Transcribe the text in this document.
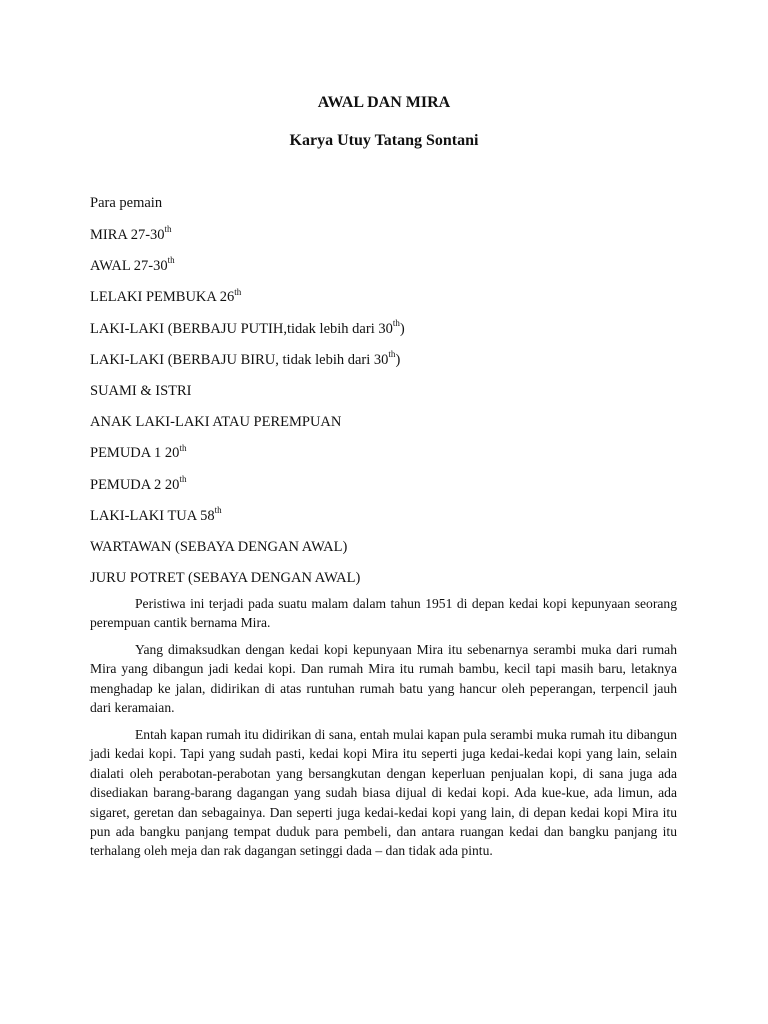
AWAL DAN MIRA
Karya Utuy Tatang Sontani
Para pemain
MIRA 27-30th
AWAL 27-30th
LELAKI PEMBUKA 26th
LAKI-LAKI (BERBAJU PUTIH,tidak lebih dari 30th)
LAKI-LAKI (BERBAJU BIRU, tidak lebih dari 30th)
SUAMI & ISTRI
ANAK LAKI-LAKI ATAU PEREMPUAN
PEMUDA 1 20th
PEMUDA 2 20th
LAKI-LAKI TUA 58th
WARTAWAN (SEBAYA DENGAN AWAL)
JURU POTRET (SEBAYA DENGAN AWAL)

Peristiwa ini terjadi pada suatu malam dalam tahun 1951 di depan kedai kopi kepunyaan seorang perempuan cantik bernama Mira.

Yang dimaksudkan dengan kedai kopi kepunyaan Mira itu sebenarnya serambi muka dari rumah Mira yang dibangun jadi kedai kopi. Dan rumah Mira itu rumah bambu, kecil tapi masih baru, letaknya menghadap ke jalan, didirikan di atas runtuhan rumah batu yang hancur oleh peperangan, terpencil jauh dari keramaian.

Entah kapan rumah itu didirikan di sana, entah mulai kapan pula serambi muka rumah itu dibangun jadi kedai kopi. Tapi yang sudah pasti, kedai kopi Mira itu seperti juga kedai-kedai kopi yang lain, selain dialati oleh perabotan-perabotan yang bersangkutan dengan keperluan penjualan kopi, di sana juga ada disediakan barang-barang dagangan yang sudah biasa dijual di kedai kopi. Ada kue-kue, ada limun, ada sigaret, geretan dan sebagainya. Dan seperti juga kedai-kedai kopi yang lain, di depan kedai kopi Mira itu pun ada bangku panjang tempat duduk para pembeli, dan antara ruangan kedai dan bangku panjang itu terhalang oleh meja dan rak dagangan setinggi dada – dan tidak ada pintu.
